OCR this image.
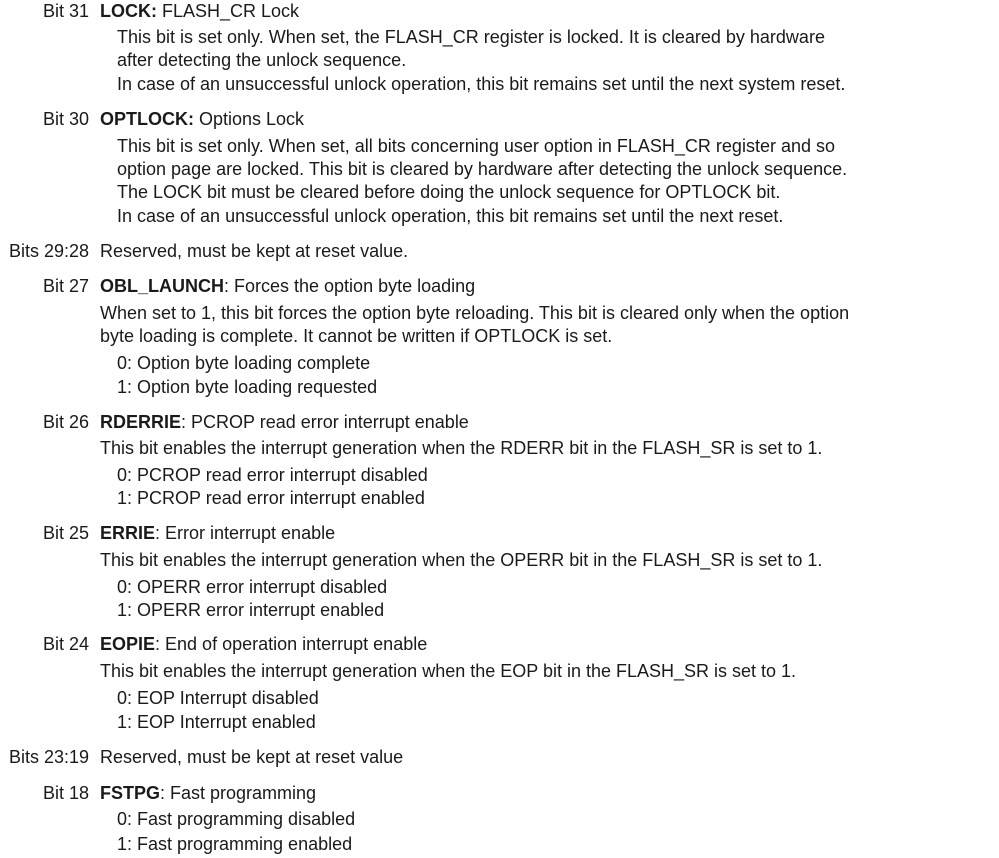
Bit 31 LOCK: FLASH_CR Lock
This bit is set only. When set, the FLASH_CR register is locked. It is cleared by hardware
after detecting the unlock sequence.
In case of an unsuccessful unlock operation, this bit remains set until the next system reset.
Bit 30 OPTLOCK: Options Lock
This bit is set only. When set, all bits concerning user option in FLASH_CR register and so
option page are locked. This bit is cleared by hardware after detecting the unlock sequence.
The LOCK bit must be cleared before doing the unlock sequence for OPTLOCK bit.
In case of an unsuccessful unlock operation, this bit remains set until the next reset.
Bits 29:28 Reserved, must be kept at reset value.
Bit 27 OBL_LAUNCH: Forces the option byte loading
When set to 1, this bit forces the option byte reloading. This bit is cleared only when the option
byte loading is complete. It cannot be written if OPTLOCK is set.
0: Option byte loading complete
1: Option byte loading requested
Bit 26 RDERRIE: PCROP read error interrupt enable
This bit enables the interrupt generation when the RDERR bit in the FLASH_SR is set to 1.
0: PCROP read error interrupt disabled
1: PCROP read error interrupt enabled
Bit 25 ERRIE: Error interrupt enable
This bit enables the interrupt generation when the OPERR bit in the FLASH_SR is set to 1.
0: OPERR error interrupt disabled
1: OPERR error interrupt enabled
Bit 24 EOPIE: End of operation interrupt enable
This bit enables the interrupt generation when the EOP bit in the FLASH_SR is set to 1.
0: EOP Interrupt disabled
1: EOP Interrupt enabled
Bits 23:19 Reserved, must be kept at reset value
Bit 18 FSTPG: Fast programming
0: Fast programming disabled
1: Fast programming enabled
